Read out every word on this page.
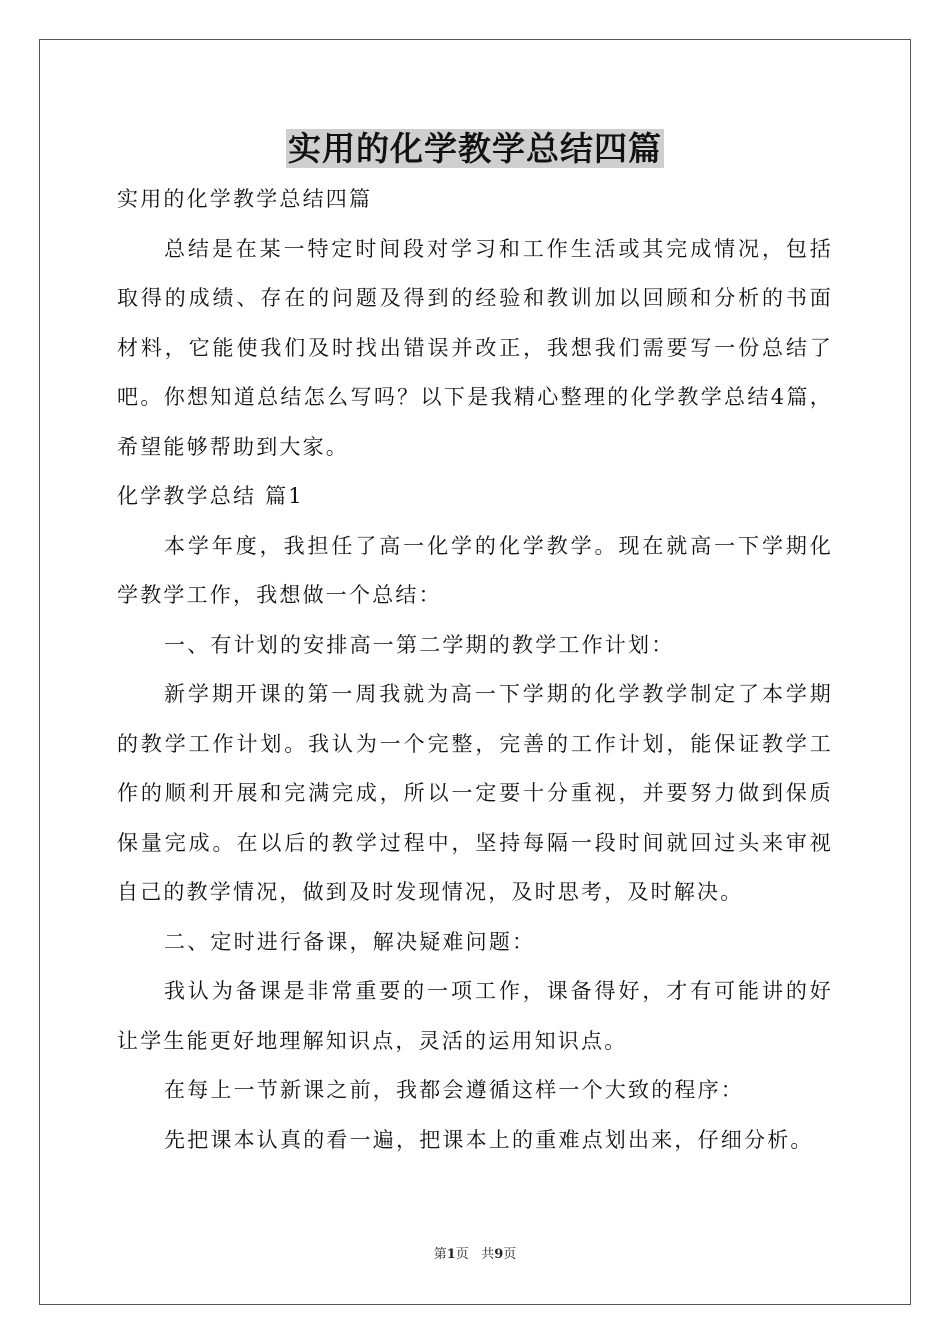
实用的化学教学总结四篇

实用的化学教学总结四篇

总结是在某一特定时间段对学习和工作生活或其完成情况，包括取得的成绩、存在的问题及得到的经验和教训加以回顾和分析的书面材料，它能使我们及时找出错误并改正，我想我们需要写一份总结了吧。你想知道总结怎么写吗？以下是我精心整理的化学教学总结4篇，希望能够帮助到大家。

化学教学总结 篇1

本学年度，我担任了高一化学的化学教学。现在就高一下学期化学教学工作，我想做一个总结：

一、有计划的安排高一第二学期的教学工作计划：

新学期开课的第一周我就为高一下学期的化学教学制定了本学期的教学工作计划。我认为一个完整，完善的工作计划，能保证教学工作的顺利开展和完满完成，所以一定要十分重视，并要努力做到保质保量完成。在以后的教学过程中，坚持每隔一段时间就回过头来审视自己的教学情况，做到及时发现情况，及时思考，及时解决。

二、定时进行备课，解决疑难问题：

我认为备课是非常重要的一项工作，课备得好，才有可能讲的好让学生能更好地理解知识点，灵活的运用知识点。

在每上一节新课之前，我都会遵循这样一个大致的程序：

先把课本认真的看一遍，把课本上的重难点划出来，仔细分析。

第1页   共9页
